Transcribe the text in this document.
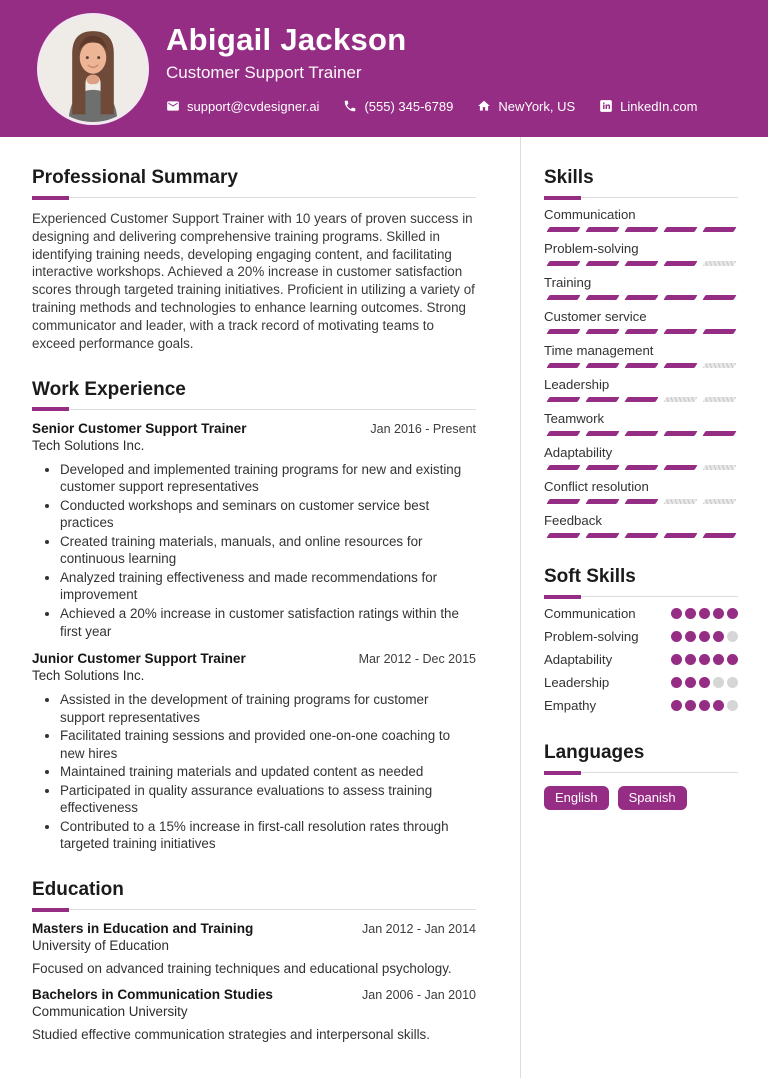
Abigail Jackson
Customer Support Trainer
support@cvdesigner.ai	(555) 345-6789	NewYork, US	LinkedIn.com
Professional Summary

Experienced Customer Support Trainer with 10 years of proven success in designing and delivering comprehensive training programs. Skilled in identifying training needs, developing engaging content, and facilitating interactive workshops. Achieved a 20% increase in customer satisfaction scores through targeted training initiatives. Proficient in utilizing a variety of training methods and technologies to enhance learning outcomes. Strong communicator and leader, with a track record of motivating teams to exceed performance goals.

Work Experience
Senior Customer Support Trainer	Jan 2016 - Present
Tech Solutions Inc.
• Developed and implemented training programs for new and existing customer support representatives
• Conducted workshops and seminars on customer service best practices
• Created training materials, manuals, and online resources for continuous learning
• Analyzed training effectiveness and made recommendations for improvement
• Achieved a 20% increase in customer satisfaction ratings within the first year
Junior Customer Support Trainer	Mar 2012 - Dec 2015
Tech Solutions Inc.
• Assisted in the development of training programs for customer support representatives
• Facilitated training sessions and provided one-on-one coaching to new hires
• Maintained training materials and updated content as needed
• Participated in quality assurance evaluations to assess training effectiveness
• Contributed to a 15% increase in first-call resolution rates through targeted training initiatives
Education
Masters in Education and Training	Jan 2012 - Jan 2014
University of Education
Focused on advanced training techniques and educational psychology.
Bachelors in Communication Studies	Jan 2006 - Jan 2010
Communication University
Studied effective communication strategies and interpersonal skills.
Skills
Communication
Problem-solving
Training
Customer service
Time management
Leadership
Teamwork
Adaptability
Conflict resolution
Feedback
Soft Skills
Communication
Problem-solving
Adaptability
Leadership
Empathy
Languages
English	Spanish
